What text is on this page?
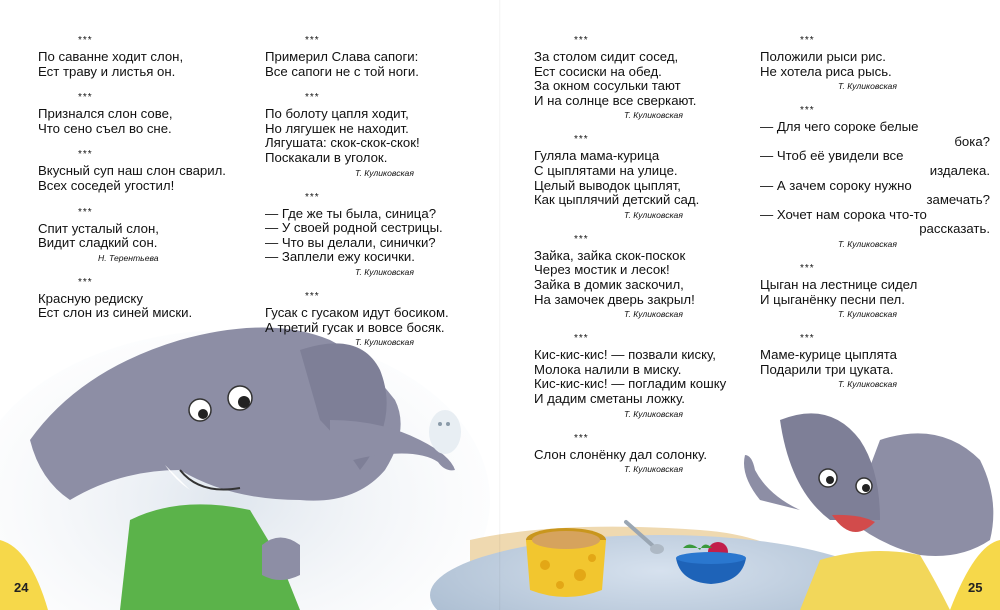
***
По саванне ходит слон,
Ест траву и листья он.
***
Признался слон сове,
Что сено съел во сне.
***
Вкусный суп наш слон сварил.
Всех соседей угостил!
***
Спит усталый слон,
Видит сладкий сон.
Н. Терентьева
***
Красную редиску
Ест слон из синей миски.
***
Примерил Слава сапоги:
Все сапоги не с той ноги.
***
По болоту цапля ходит,
Но лягушек не находит.
Лягушата: скок-скок-скок!
Поскакали в уголок.
Т. Куликовская
***
— Где же ты была, синица?
— У своей родной сестрицы.
— Что вы делали, синички?
— Заплели ежу косички.
Т. Куликовская
***
Гусак с гусаком идут босиком.
А третий гусак и вовсе босяк.
Т. Куликовская
***
За столом сидит сосед,
Ест сосиски на обед.
За окном сосульки тают
И на солнце все сверкают.
Т. Куликовская
***
Гуляла мама-курица
С цыплятами на улице.
Целый выводок цыплят,
Как цыплячий детский сад.
Т. Куликовская
***
Зайка, зайка скок-поскок
Через мостик и лесок!
Зайка в домик заскочил,
На замочек дверь закрыл!
Т. Куликовская
***
Кис-кис-кис! — позвали киску,
Молока налили в миску.
Кис-кис-кис! — погладим кошку
И дадим сметаны ложку.
Т. Куликовская
***
Слон слонёнку дал солонку.
Т. Куликовская
***
Положили рыси рис.
Не хотела риса рысь.
Т. Куликовская
***
— Для чего сороке белые
бока?
— Чтоб её увидели все
издалека.
— А зачем сороку нужно
замечать?
— Хочет нам сорока что-то
рассказать.
Т. Куликовская
***
Цыган на лестнице сидел
И цыганёнку песни пел.
Т. Куликовская
***
Маме-курице цыплята
Подарили три цуката.
Т. Куликовская
24	25
